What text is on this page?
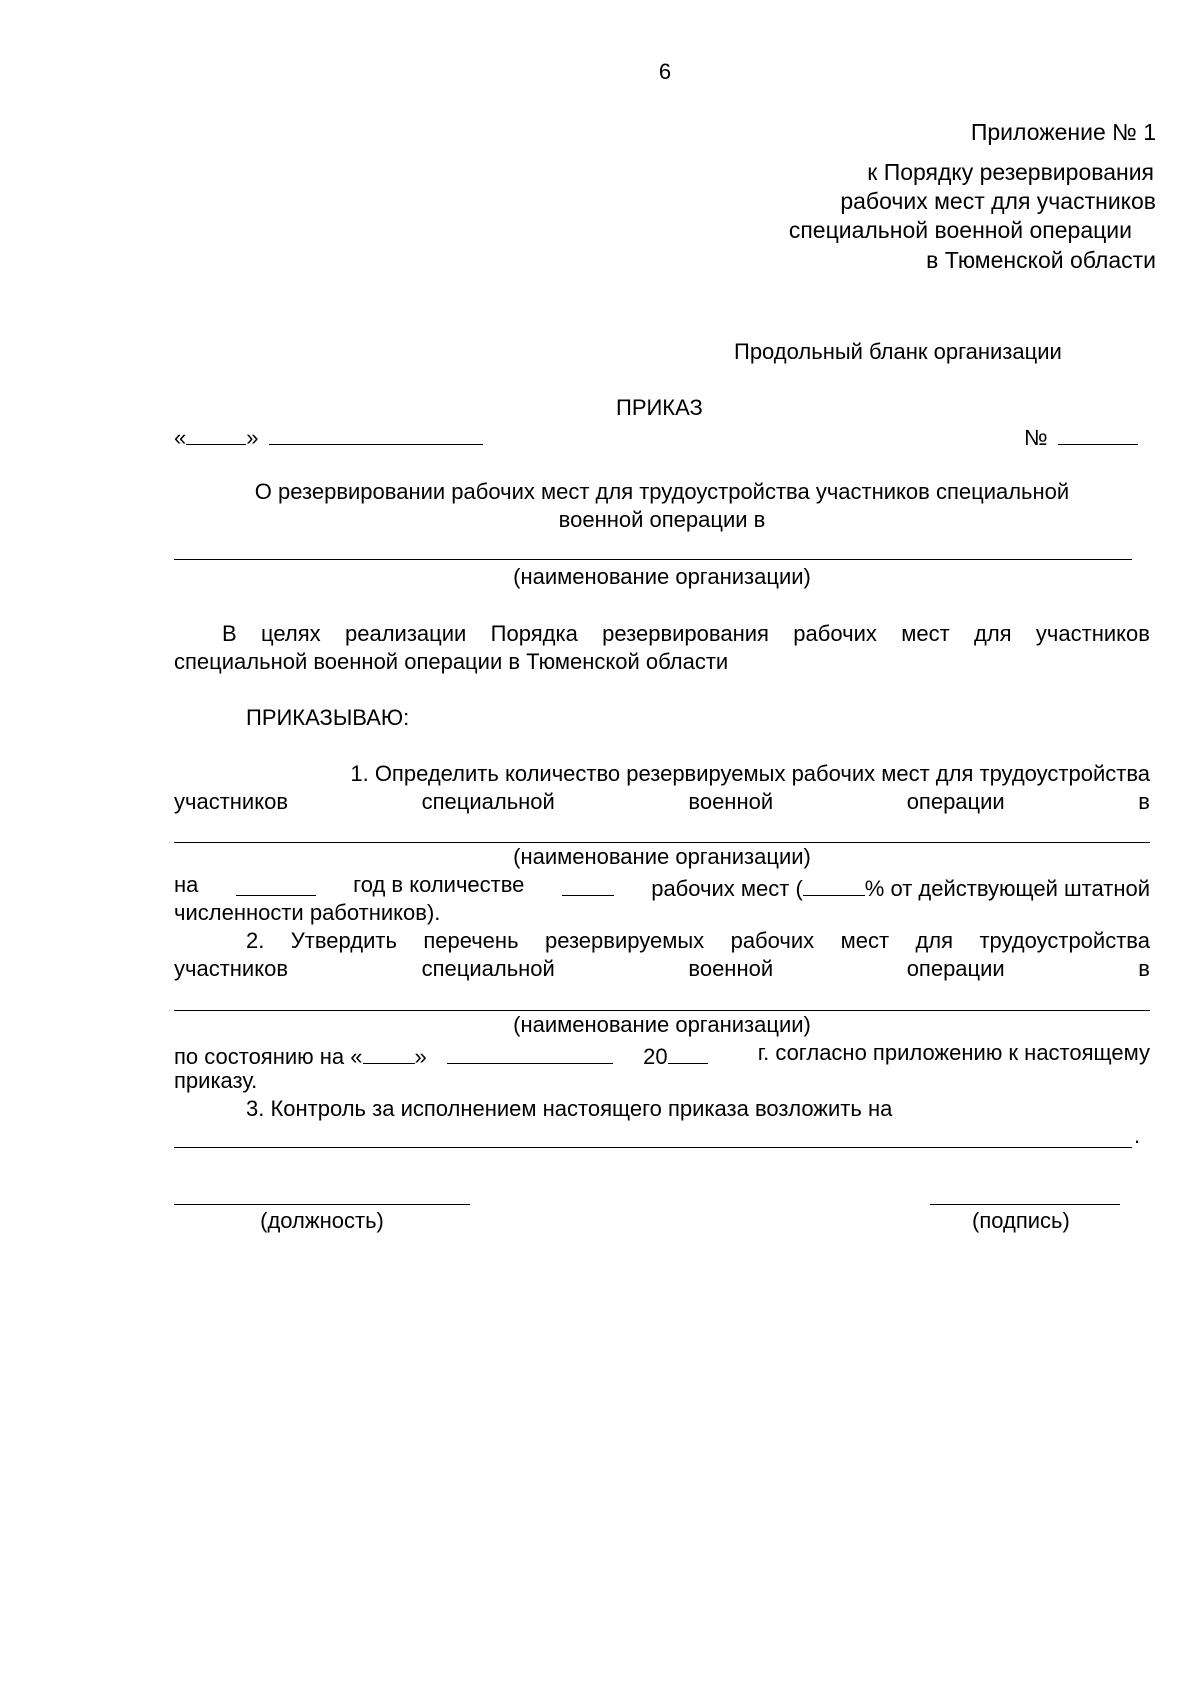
6
Приложение № 1
к Порядку резервирования
рабочих мест для участников
специальной военной операции
в Тюменской области
Продольный бланк организации
ПРИКАЗ
«	»	№
О резервировании рабочих мест для трудоустройства участников специальной
военной операции в
(наименование организации)
В целях реализации Порядка резервирования рабочих мест для участников
специальной военной операции в Тюменской области
ПРИКАЗЫВАЮ:
1. Определить количество резервируемых рабочих мест для трудоустройства
участников	специальной	военной	операции	в
(наименование организации)
на	год в количестве	рабочих мест (	% от действующей штатной
численности работников).
2. Утвердить перечень резервируемых рабочих мест для трудоустройства
участников	специальной	военной	операции	в
(наименование организации)
по состоянию на « »	20	г. согласно приложению к настоящему
приказу.
3. Контроль за исполнением настоящего приказа возложить на
.
(должность)	(подпись)
